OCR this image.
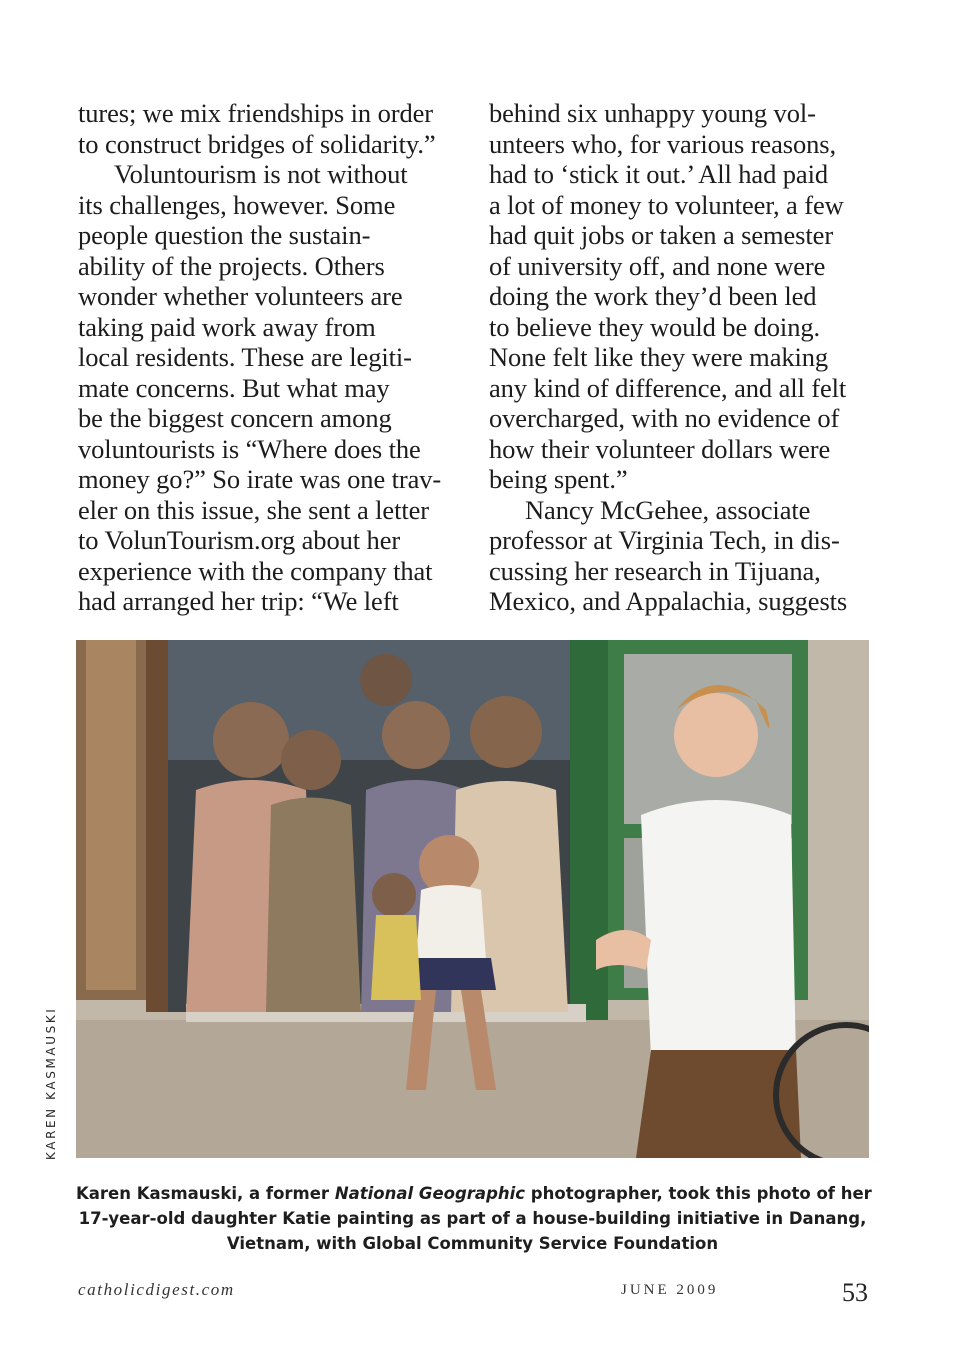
tures; we mix friendships in order
to construct bridges of solidarity.”
Voluntourism is not without
its challenges, however. Some
people question the sustain-
ability of the projects. Others
wonder whether volunteers are
taking paid work away from
local residents. These are legiti-
mate concerns. But what may
be the biggest concern among
voluntourists is “Where does the
money go?” So irate was one trav-
eler on this issue, she sent a letter
to VolunTourism.org about her
experience with the company that
had arranged her trip: “We left
behind six unhappy young vol-
unteers who, for various reasons,
had to ‘stick it out.’ All had paid
a lot of money to volunteer, a few
had quit jobs or taken a semester
of university off, and none were
doing the work they’d been led
to believe they would be doing.
None felt like they were making
any kind of difference, and all felt
overcharged, with no evidence of
how their volunteer dollars were
being spent.”
Nancy McGehee, associate
professor at Virginia Tech, in dis-
cussing her research in Tijuana,
Mexico, and Appalachia, suggests
KAREN KASMAUSKI
Karen Kasmauski, a former National Geographic photographer, took this photo of her
17-year-old daughter Katie painting as part of a house-building initiative in Danang,
Vietnam, with Global Community Service Foundation
catholicdigest.com	JUNE 2009	53
